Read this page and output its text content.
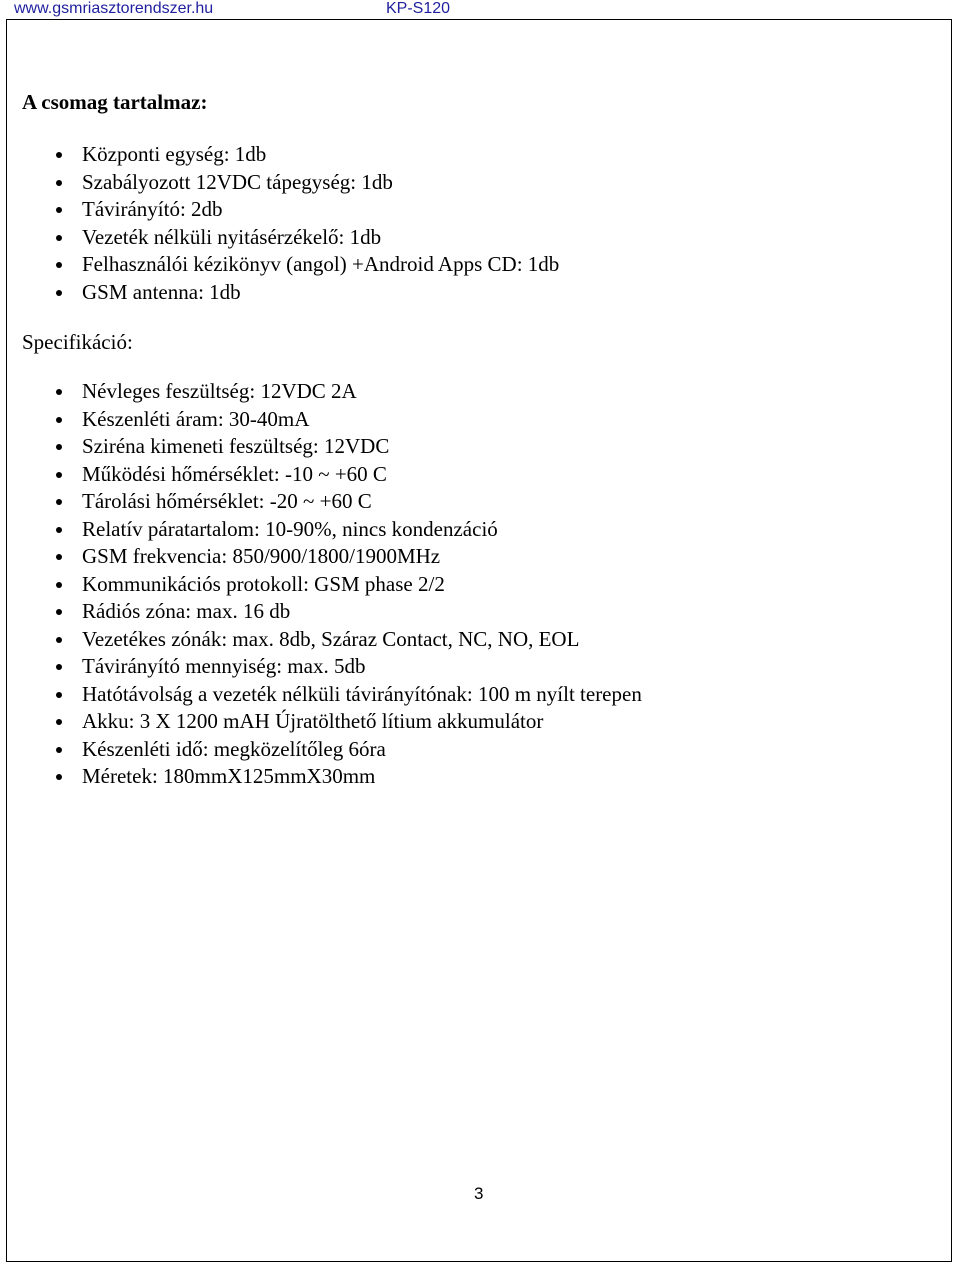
www.gsmriasztorendszer.hu	KP-S120
A csomag tartalmaz:
Központi egység: 1db
Szabályozott 12VDC tápegység: 1db
Távirányító: 2db
Vezeték nélküli nyitásérzékelő: 1db
Felhasználói kézikönyv (angol) +Android Apps CD: 1db
GSM antenna: 1db
Specifikáció:
Névleges feszültség: 12VDC 2A
Készenléti áram: 30-40mA
Sziréna kimeneti feszültség: 12VDC
Működési hőmérséklet: -10 ~ +60 C
Tárolási hőmérséklet: -20 ~ +60 C
Relatív páratartalom: 10-90%, nincs kondenzáció
GSM frekvencia: 850/900/1800/1900MHz
Kommunikációs protokoll: GSM phase 2/2
Rádiós zóna: max. 16 db
Vezetékes zónák: max. 8db, Száraz Contact, NC, NO, EOL
Távirányító mennyiség: max. 5db
Hatótávolság a vezeték nélküli távirányítónak: 100 m nyílt terepen
Akku: 3 X 1200 mAH Újratölthető lítium akkumulátor
Készenléti idő: megközelítőleg 6óra
Méretek: 180mmX125mmX30mm
3
